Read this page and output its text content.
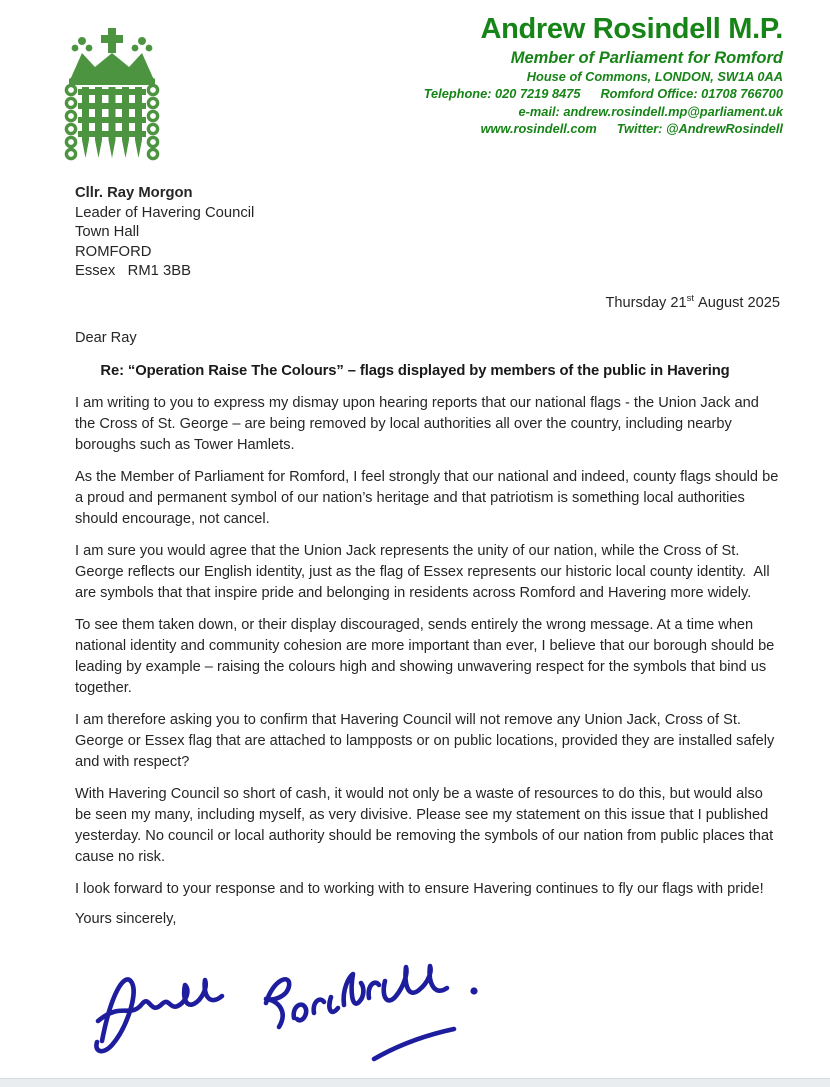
Andrew Rosindell M.P.
Member of Parliament for Romford
House of Commons, LONDON, SW1A 0AA
Telephone: 020 7219 8475 Romford Office: 01708 766700
e-mail: andrew.rosindell.mp@parliament.uk
www.rosindell.com Twitter: @AndrewRosindell
Cllr. Ray Morgon
Leader of Havering Council
Town Hall
ROMFORD
Essex   RM1 3BB
Thursday 21st August 2025
Dear Ray
Re: “Operation Raise The Colours” – flags displayed by members of the public in Havering

I am writing to you to express my dismay upon hearing reports that our national flags - the Union Jack and the Cross of St. George – are being removed by local authorities all over the country, including nearby boroughs such as Tower Hamlets.

As the Member of Parliament for Romford, I feel strongly that our national and indeed, county flags should be a proud and permanent symbol of our nation’s heritage and that patriotism is something local authorities should encourage, not cancel.

I am sure you would agree that the Union Jack represents the unity of our nation, while the Cross of St. George reflects our English identity, just as the flag of Essex represents our historic local county identity.  All are symbols that that inspire pride and belonging in residents across Romford and Havering more widely.

To see them taken down, or their display discouraged, sends entirely the wrong message. At a time when national identity and community cohesion are more important than ever, I believe that our borough should be leading by example – raising the colours high and showing unwavering respect for the symbols that bind us together.

I am therefore asking you to confirm that Havering Council will not remove any Union Jack, Cross of St. George or Essex flag that are attached to lampposts or on public locations, provided they are installed safely and with respect?

With Havering Council so short of cash, it would not only be a waste of resources to do this, but would also be seen my many, including myself, as very divisive. Please see my statement on this issue that I published yesterday. No council or local authority should be removing the symbols of our nation from public places that cause no risk.

I look forward to your response and to working with to ensure Havering continues to fly our flags with pride!

Yours sincerely,
